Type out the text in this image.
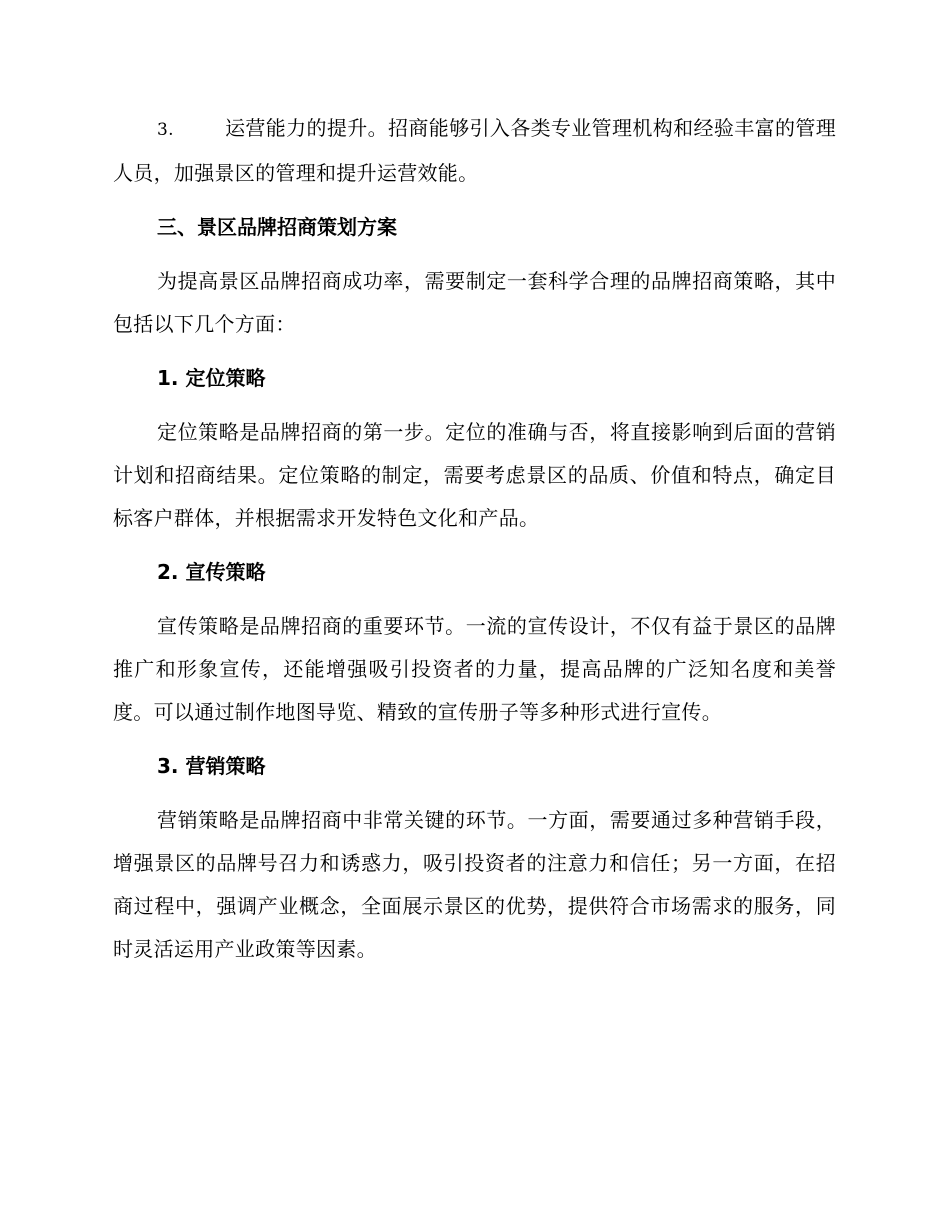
3.	运营能力的提升。招商能够引入各类专业管理机构和经验丰富的管理人员，加强景区的管理和提升运营效能。

三、景区品牌招商策划方案

为提高景区品牌招商成功率，需要制定一套科学合理的品牌招商策略，其中包括以下几个方面：

1. 定位策略

定位策略是品牌招商的第一步。定位的准确与否，将直接影响到后面的营销计划和招商结果。定位策略的制定，需要考虑景区的品质、价值和特点，确定目标客户群体，并根据需求开发特色文化和产品。

2. 宣传策略

宣传策略是品牌招商的重要环节。一流的宣传设计，不仅有益于景区的品牌推广和形象宣传，还能增强吸引投资者的力量，提高品牌的广泛知名度和美誉度。可以通过制作地图导览、精致的宣传册子等多种形式进行宣传。

3. 营销策略

营销策略是品牌招商中非常关键的环节。一方面，需要通过多种营销手段，增强景区的品牌号召力和诱惑力，吸引投资者的注意力和信任；另一方面，在招商过程中，强调产业概念，全面展示景区的优势，提供符合市场需求的服务，同时灵活运用产业政策等因素。
